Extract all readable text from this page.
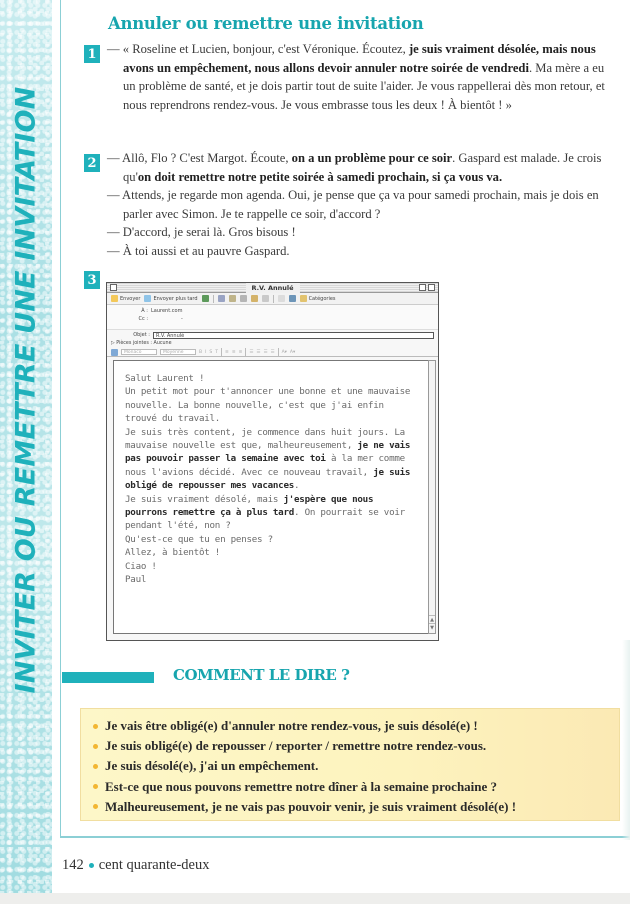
INVITER OU REMETTRE UNE INVITATION
Annuler ou remettre une invitation
1 — « Roseline et Lucien, bonjour, c'est Véronique. Écoutez, je suis vraiment désolée, mais nous avons un empêchement, nous allons devoir annuler notre soirée de vendredi. Ma mère a eu un problème de santé, et je dois partir tout de suite l'aider. Je vous rappellerai dès mon retour, et nous reprendrons rendez-vous. Je vous embrasse tous les deux ! À bientôt ! »

2 — Allô, Flo ? C'est Margot. Écoute, on a un problème pour ce soir. Gaspard est malade. Je crois qu'on doit remettre notre petite soirée à samedi prochain, si ça vous va.

— Attends, je regarde mon agenda. Oui, je pense que ça va pour samedi prochain, mais je dois en parler avec Simon. Je te rappelle ce soir, d'accord ?

— D'accord, je serai là. Gros bisous !

— À toi aussi et au pauvre Gaspard.

3
R.V. Annulé
Envoyer	Envoyer plus tard	Catégories
À : Laurent.com
Cc :	-
Objet :	R.V. Annulé
▷ Pièces jointes : Aucune
Monaco	Moyenne	B I S T ≡ ≡ ≡ ☰ ☰ ☰ ☰ A▾ A▾
Salut Laurent !
Un petit mot pour t'annoncer une bonne et une mauvaise nouvelle. La bonne nouvelle, c'est que j'ai enfin trouvé du travail.
Je suis très content, je commence dans huit jours. La mauvaise nouvelle est que, malheureusement, je ne vais pas pouvoir passer la semaine avec toi à la mer comme nous l'avions décidé. Avec ce nouveau travail, je suis obligé de repousser mes vacances.
Je suis vraiment désolé, mais j'espère que nous pourrons remettre ça à plus tard. On pourrait se voir pendant l'été, non ?
Qu'est-ce que tu en penses ?
Allez, à bientôt !
Ciao !
Paul
▲
▼
COMMENT LE DIRE ?
Je vais être obligé(e) d'annuler notre rendez-vous, je suis désolé(e) !
Je suis obligé(e) de repousser / reporter / remettre notre rendez-vous.
Je suis désolé(e), j'ai un empêchement.
Est-ce que nous pouvons remettre notre dîner à la semaine prochaine ?
Malheureusement, je ne vais pas pouvoir venir, je suis vraiment désolé(e) !
142 cent quarante-deux
